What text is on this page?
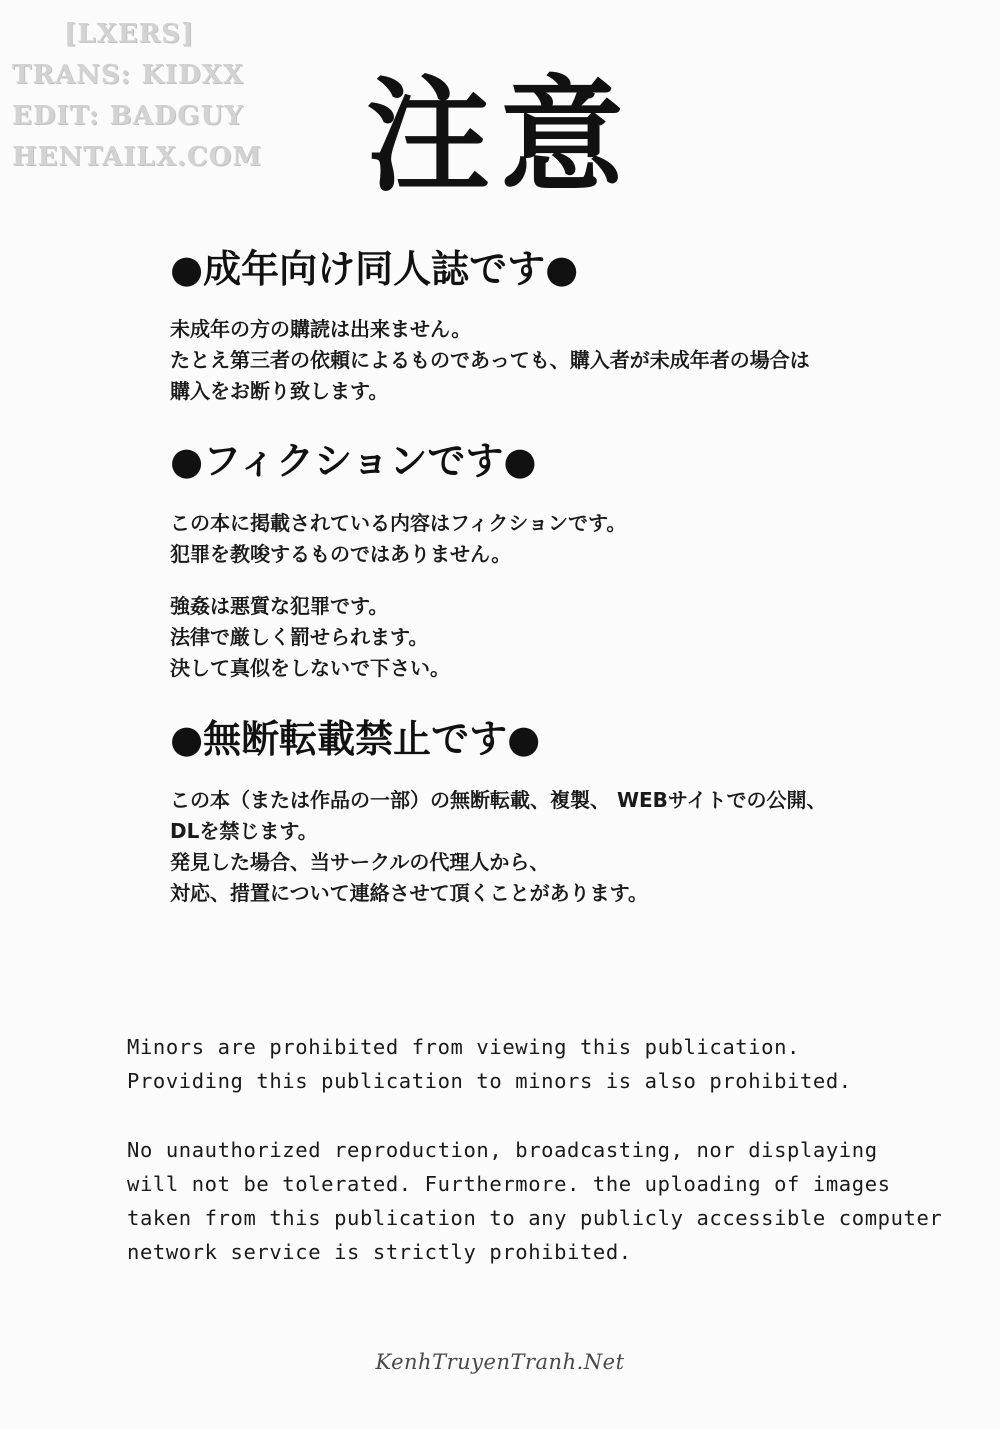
[LXERS]
TRANS: KIDXX
EDIT: BADGUY
HENTAILX.COM 注意
●成年向け同人誌です●
未成年の方の購読は出来ません。
たとえ第三者の依頼によるものであっても、購入者が未成年者の場合は
購入をお断り致します。
●フィクションです●
この本に掲載されている内容はフィクションです。
犯罪を教唆するものではありません。
強姦は悪質な犯罪です。
法律で厳しく罰せられます。
決して真似をしないで下さい。
●無断転載禁止です●
この本（または作品の一部）の無断転載、複製、 WEBサイトでの公開、
DLを禁じます。
発見した場合、当サークルの代理人から、
対応、措置について連絡させて頂くことがあります。
Minors are prohibited from viewing this publication.
Providing this publication to minors is also prohibited.
No unauthorized reproduction, broadcasting, nor displaying
will not be tolerated. Furthermore. the uploading of images
taken from this publication to any publicly accessible computer
network service is strictly prohibited.
KenhTruyenTranh.Net
